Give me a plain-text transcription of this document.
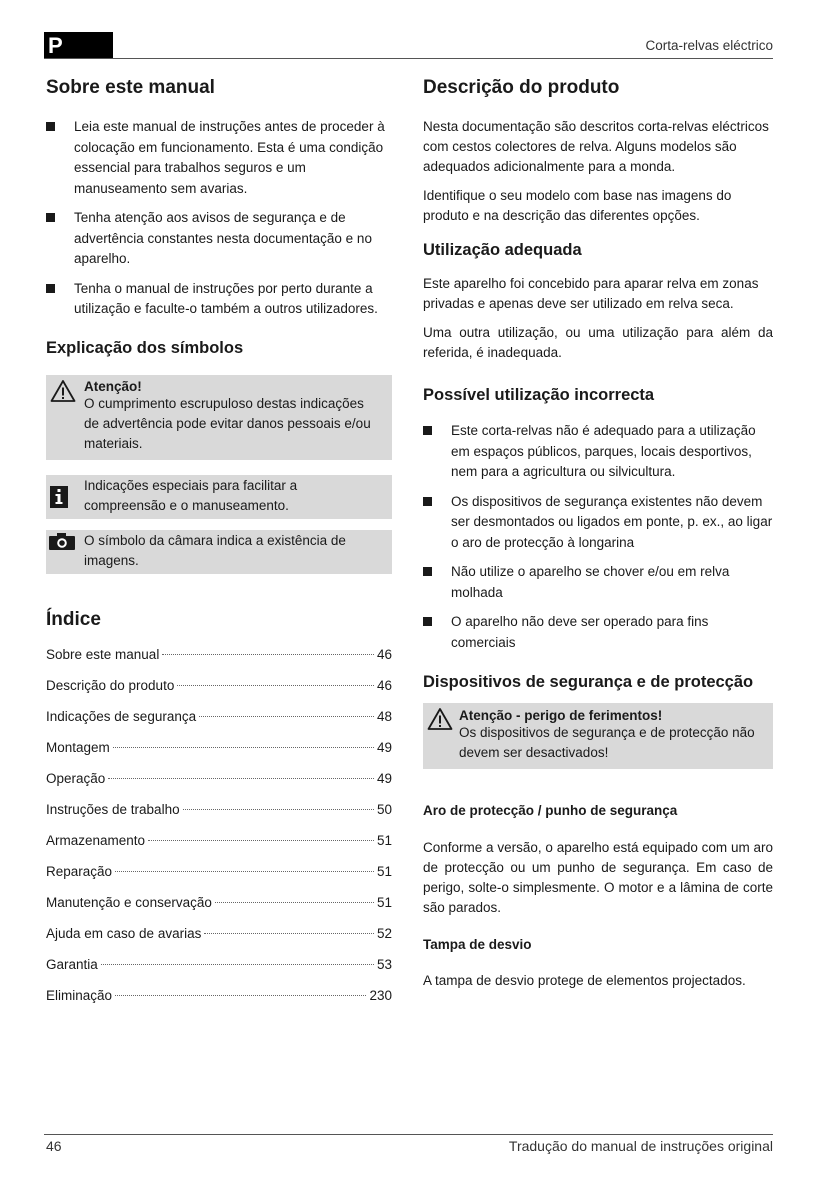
P	Corta-relvas eléctrico
Sobre este manual
Leia este manual de instruções antes de proceder à colocação em funcionamento. Esta é uma condição essencial para trabalhos seguros e um manuseamento sem avarias.
Tenha atenção aos avisos de segurança e de advertência constantes nesta documentação e no aparelho.
Tenha o manual de instruções por perto durante a utilização e faculte-o também a outros utilizadores.
Explicação dos símbolos
Atenção!

O cumprimento escrupuloso destas indicações de advertência pode evitar danos pessoais e/ou materiais.

Indicações especiais para facilitar a compreensão e o manuseamento.

O símbolo da câmara indica a existência de imagens.

Índice
Sobre este manual	46
Descrição do produto	46
Indicações de segurança	48
Montagem	49
Operação	49
Instruções de trabalho	50
Armazenamento	51
Reparação	51
Manutenção e conservação	51
Ajuda em caso de avarias	52
Garantia	53
Eliminação	230
Descrição do produto

Nesta documentação são descritos corta-relvas eléctricos com cestos colectores de relva. Alguns modelos são adequados adicionalmente para a monda.

Identifique o seu modelo com base nas imagens do produto e na descrição das diferentes opções.

Utilização adequada

Este aparelho foi concebido para aparar relva em zonas privadas e apenas deve ser utilizado em relva seca.

Uma outra utilização, ou uma utilização para além da referida, é inadequada.

Possível utilização incorrecta
Este corta-relvas não é adequado para a utilização em espaços públicos, parques, locais desportivos, nem para a agricultura ou silvicultura.
Os dispositivos de segurança existentes não devem ser desmontados ou ligados em ponte, p. ex., ao ligar o aro de protecção à longarina
Não utilize o aparelho se chover e/ou em relva molhada
O aparelho não deve ser operado para fins comerciais
Dispositivos de segurança e de protecção
Atenção - perigo de ferimentos!

Os dispositivos de segurança e de protecção não devem ser desactivados!

Aro de protecção / punho de segurança

Conforme a versão, o aparelho está equipado com um aro de protecção ou um punho de segurança. Em caso de perigo, solte-o simplesmente. O motor e a lâmina de corte são parados.

Tampa de desvio

A tampa de desvio protege de elementos projectados.

46	Tradução do manual de instruções original
